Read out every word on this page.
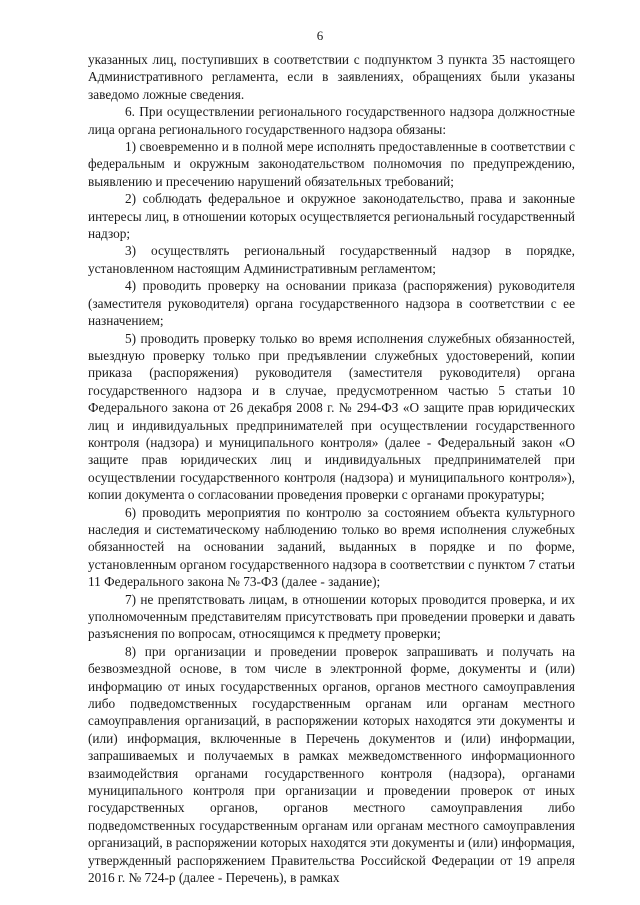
6

указанных лиц, поступивших в соответствии с подпунктом 3 пункта 35 настоящего Административного регламента, если в заявлениях, обращениях были указаны заведомо ложные сведения.

6. При осуществлении регионального государственного надзора должностные лица органа регионального государственного надзора обязаны:

1) своевременно и в полной мере исполнять предоставленные в соответствии с федеральным и окружным законодательством полномочия по предупреждению, выявлению и пресечению нарушений обязательных требований;

2) соблюдать федеральное и окружное законодательство, права и законные интересы лиц, в отношении которых осуществляется региональный государственный надзор;

3) осуществлять региональный государственный надзор в порядке, установленном настоящим Административным регламентом;

4) проводить проверку на основании приказа (распоряжения) руководителя (заместителя руководителя) органа государственного надзора в соответствии с ее назначением;

5) проводить проверку только во время исполнения служебных обязанностей, выездную проверку только при предъявлении служебных удостоверений, копии приказа (распоряжения) руководителя (заместителя руководителя) органа государственного надзора и в случае, предусмотренном частью 5 статьи 10 Федерального закона от 26 декабря 2008 г. № 294-ФЗ «О защите прав юридических лиц и индивидуальных предпринимателей при осуществлении государственного контроля (надзора) и муниципального контроля» (далее - Федеральный закон «О защите прав юридических лиц и индивидуальных предпринимателей при осуществлении государственного контроля (надзора) и муниципального контроля»), копии документа о согласовании проведения проверки с органами прокуратуры;

6) проводить мероприятия по контролю за состоянием объекта культурного наследия и систематическому наблюдению только во время исполнения служебных обязанностей на основании заданий, выданных в порядке и по форме, установленным органом государственного надзора в соответствии с пунктом 7 статьи 11 Федерального закона № 73-ФЗ (далее - задание);

7) не препятствовать лицам, в отношении которых проводится проверка, и их уполномоченным представителям присутствовать при проведении проверки и давать разъяснения по вопросам, относящимся к предмету проверки;

8) при организации и проведении проверок запрашивать и получать на безвозмездной основе, в том числе в электронной форме, документы и (или) информацию от иных государственных органов, органов местного самоуправления либо подведомственных государственным органам или органам местного самоуправления организаций, в распоряжении которых находятся эти документы и (или) информация, включенные в Перечень документов и (или) информации, запрашиваемых и получаемых в рамках межведомственного информационного взаимодействия органами государственного контроля (надзора), органами муниципального контроля при организации и проведении проверок от иных государственных органов, органов местного самоуправления либо подведомственных государственным органам или органам местного самоуправления организаций, в распоряжении которых находятся эти документы и (или) информация, утвержденный распоряжением Правительства Российской Федерации от 19 апреля 2016 г. № 724-р (далее - Перечень), в рамках
